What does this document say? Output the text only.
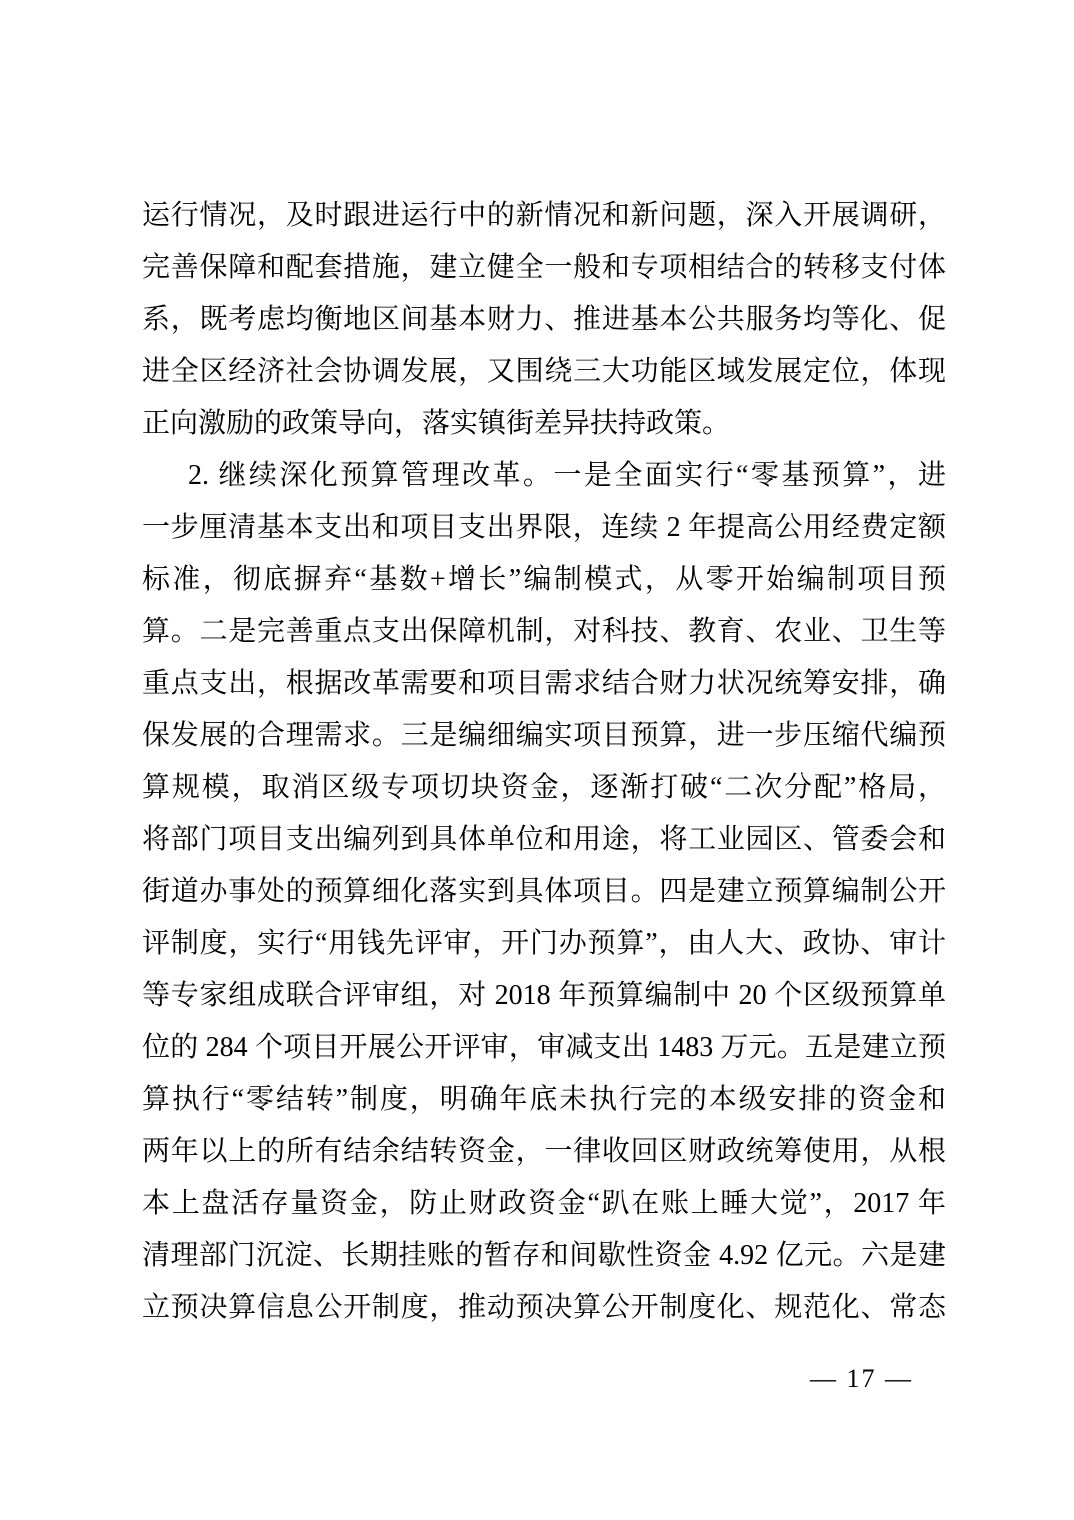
运行情况，及时跟进运行中的新情况和新问题，深入开展调研，
完善保障和配套措施，建立健全一般和专项相结合的转移支付体
系，既考虑均衡地区间基本财力、推进基本公共服务均等化、促
进全区经济社会协调发展，又围绕三大功能区域发展定位，体现
正向激励的政策导向，落实镇街差异扶持政策。
2. 继续深化预算管理改革。一是全面实行“零基预算”，进
一步厘清基本支出和项目支出界限，连续 2 年提高公用经费定额
标准，彻底摒弃“基数+增长”编制模式，从零开始编制项目预
算。二是完善重点支出保障机制，对科技、教育、农业、卫生等
重点支出，根据改革需要和项目需求结合财力状况统筹安排，确
保发展的合理需求。三是编细编实项目预算，进一步压缩代编预
算规模，取消区级专项切块资金，逐渐打破“二次分配”格局，
将部门项目支出编列到具体单位和用途，将工业园区、管委会和
街道办事处的预算细化落实到具体项目。四是建立预算编制公开
评制度，实行“用钱先评审，开门办预算”，由人大、政协、审计
等专家组成联合评审组，对 2018 年预算编制中 20 个区级预算单
位的 284 个项目开展公开评审，审减支出 1483 万元。五是建立预
算执行“零结转”制度，明确年底未执行完的本级安排的资金和
两年以上的所有结余结转资金，一律收回区财政统筹使用，从根
本上盘活存量资金，防止财政资金“趴在账上睡大觉”，2017 年
清理部门沉淀、长期挂账的暂存和间歇性资金 4.92 亿元。六是建
立预决算信息公开制度，推动预决算公开制度化、规范化、常态
— 17 —
